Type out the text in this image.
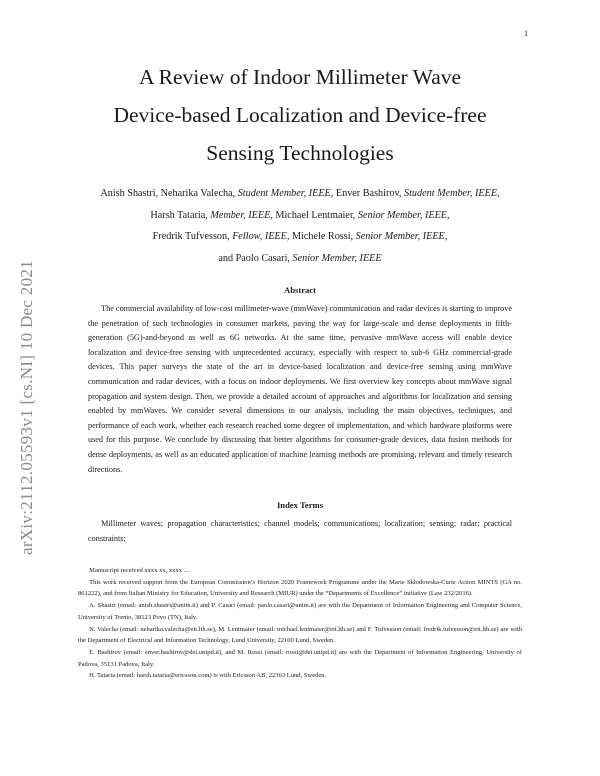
1
arXiv:2112.05593v1 [cs.NI] 10 Dec 2021
A Review of Indoor Millimeter Wave
Device-based Localization and Device-free
Sensing Technologies
Anish Shastri, Neharika Valecha, Student Member, IEEE, Enver Bashirov, Student Member, IEEE,
Harsh Tataria, Member, IEEE, Michael Lentmaier, Senior Member, IEEE,
Fredrik Tufvesson, Fellow, IEEE, Michele Rossi, Senior Member, IEEE,
and Paolo Casari, Senior Member, IEEE
Abstract

The commercial availability of low-cost millimeter-wave (mmWave) communication and radar devices is starting to improve the penetration of such technologies in consumer markets, paving the way for large-scale and dense deployments in fifth-generation (5G)-and-beyond as well as 6G networks. At the same time, pervasive mmWave access will enable device localization and device-free sensing with unprecedented accuracy, especially with respect to sub-6 GHz commercial-grade devices. This paper surveys the state of the art in device-based localization and device-free sensing using mmWave communication and radar devices, with a focus on indoor deployments. We first overview key concepts about mmWave signal propagation and system design. Then, we provide a detailed account of approaches and algorithms for localization and sensing enabled by mmWaves. We consider several dimensions in our analysis, including the main objectives, techniques, and performance of each work, whether each research reached some degree of implementation, and which hardware platforms were used for this purpose. We conclude by discussing that better algorithms for consumer-grade devices, data fusion methods for dense deployments, as well as an educated application of machine learning methods are promising, relevant and timely research directions.

Index Terms

Millimeter waves; propagation characteristics; channel models; communications; localization; sensing; radar; practical constraints;

Manuscript received xxxx xx, xxxx ....

This work received support from the European Commission’s Horizon 2020 Framework Programme under the Marie Skłodowska-Curie Action MINTS (GA no. 861222), and from Italian Ministry for Education, University and Research (MIUR) under the “Departments of Excellence” initiative (Law 232/2016).

A. Shastri (email: anish.shastri@unitn.it) and P. Casari (email: paolo.casari@unitn.it) are with the Department of Information Engineering and Computer Science, University of Trento, 38123 Povo (TN), Italy.

N. Valecha (email: neharika.valecha@eit.lth.se), M. Lentmaier (email: michael.lentmaier@eit.lth.se) and F. Tufvesson (email: fredrik.tufvesson@eit.lth.se) are with the Department of Electrical and Information Technology, Lund University, 22100 Lund, Sweden.

E. Bashirov (email: enver.bashirov@dei.unipd.it), and M. Rossi (email: rossi@dei.unipd.it) are with the Department of Information Engineering, University of Padova, 35131 Padova, Italy.

H. Tataria (email: harsh.tataria@ericsson.com) is with Ericsson AB, 22363 Lund, Sweden.
